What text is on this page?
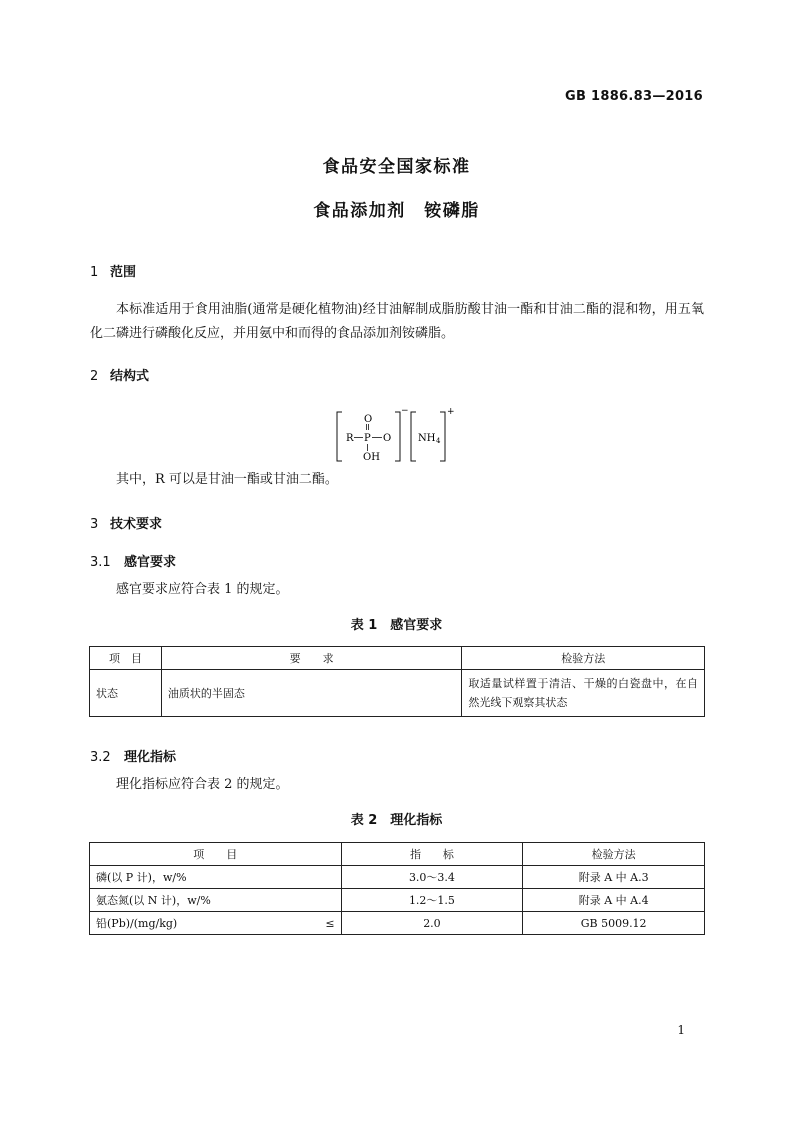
GB 1886.83—2016
食品安全国家标准
食品添加剂　铵磷脂
1 范围
本标准适用于食用油脂(通常是硬化植物油)经甘油解制成脂肪酸甘油一酯和甘油二酯的混和物，用五氧化二磷进行磷酸化反应，并用氨中和而得的食品添加剂铵磷脂。
2 结构式
O
R P O
OH
−
NH 4
+
其中，R 可以是甘油一酯或甘油二酯。
3 技术要求
3.1 感官要求
感官要求应符合表 1 的规定。
表 1　感官要求
项　目	要　　求	检验方法
状态	油质状的半固态	取适量试样置于清洁、干燥的白瓷盘中，在自然光线下观察其状态
3.2 理化指标
理化指标应符合表 2 的规定。
表 2　理化指标
项　　目	指　　标	检验方法

磷(以 P 计)，w/%	3.0～3.4	附录 A 中 A.3

氨态氮(以 N 计)，w/%	1.2～1.5	附录 A 中 A.4

铅(Pb)/(mg/kg) ≤	2.0	GB 5009.12
1
